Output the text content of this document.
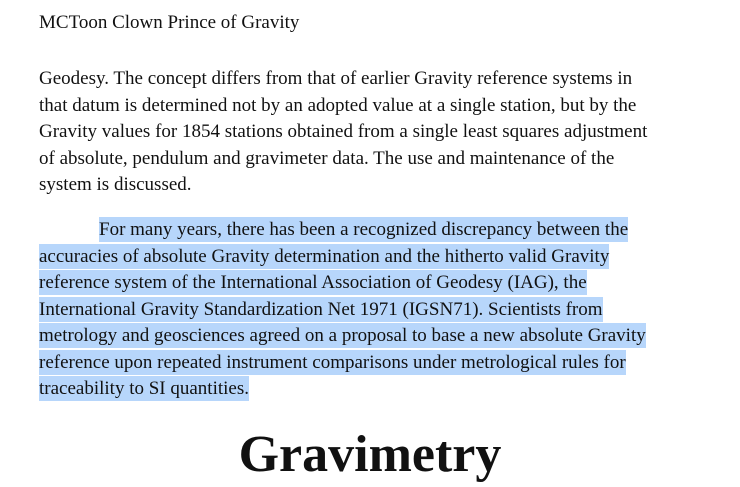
MCToon Clown Prince of Gravity
Geodesy. The concept differs from that of earlier Gravity reference systems in
that datum is determined not by an adopted value at a single station, but by the
Gravity values for 1854 stations obtained from a single least squares adjustment
of absolute, pendulum and gravimeter data. The use and maintenance of the
system is discussed.
For many years, there has been a recognized discrepancy between the
accuracies of absolute Gravity determination and the hitherto valid Gravity
reference system of the International Association of Geodesy (IAG), the
International Gravity Standardization Net 1971 (IGSN71). Scientists from
metrology and geosciences agreed on a proposal to base a new absolute Gravity
reference upon repeated instrument comparisons under metrological rules for
traceability to SI quantities.
Gravimetry
